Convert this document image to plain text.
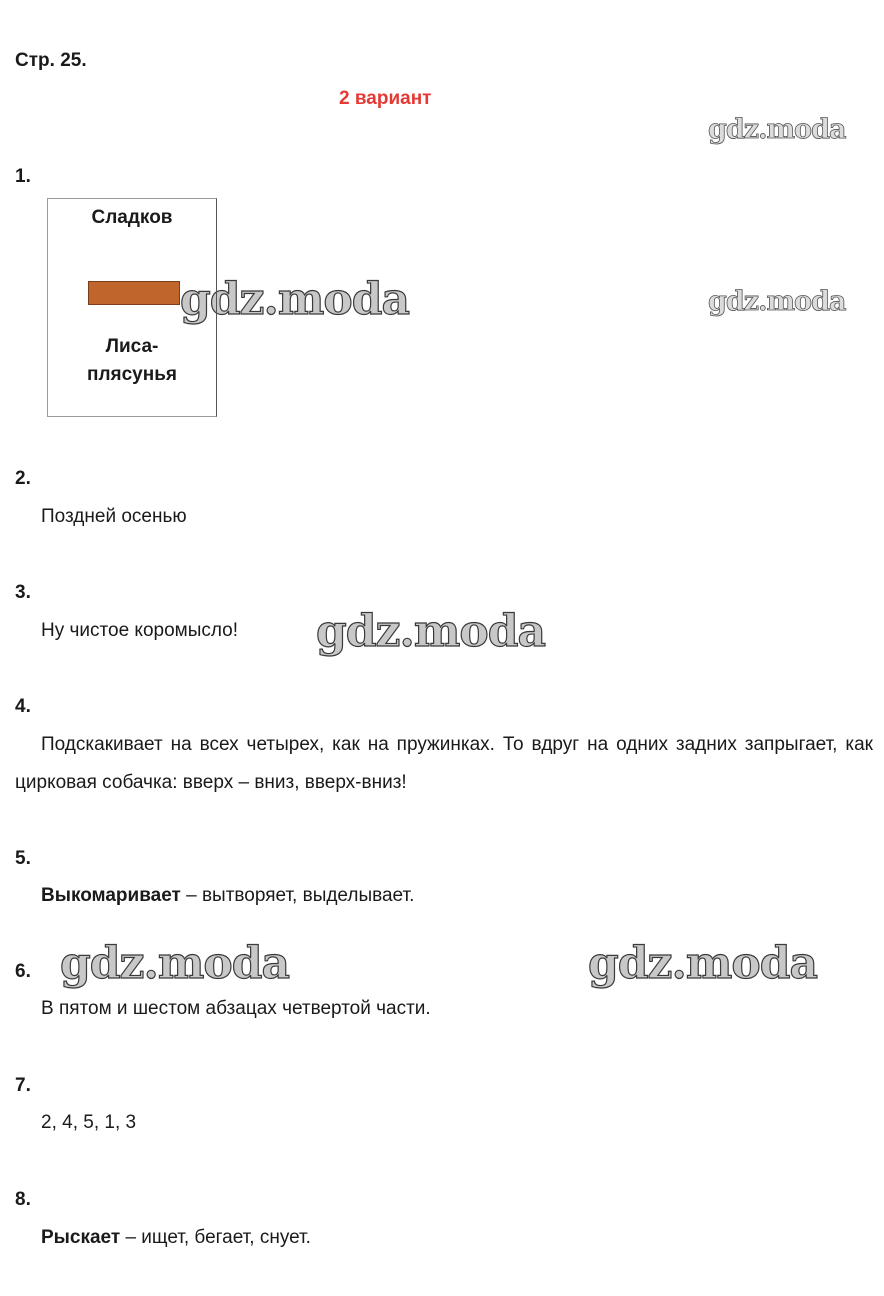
Стр. 25.
2 вариант
gdz.moda
gdz.moda
gdz.moda
gdz.moda
gdz.moda	gdz.moda
1.
Сладков
Лиса-
плясунья
2.
Поздней осенью
3.
Ну чистое коромысло!
4.
Подскакивает на всех четырех, как на пружинках. То вдруг на одних задних запрыгает, как цирковая собачка: вверх – вниз, вверх-вниз!
5.
Выкомаривает – вытворяет, выделывает.
6.
В пятом и шестом абзацах четвертой части.
7.
2, 4, 5, 1, 3
8.
Рыскает – ищет, бегает, снует.
